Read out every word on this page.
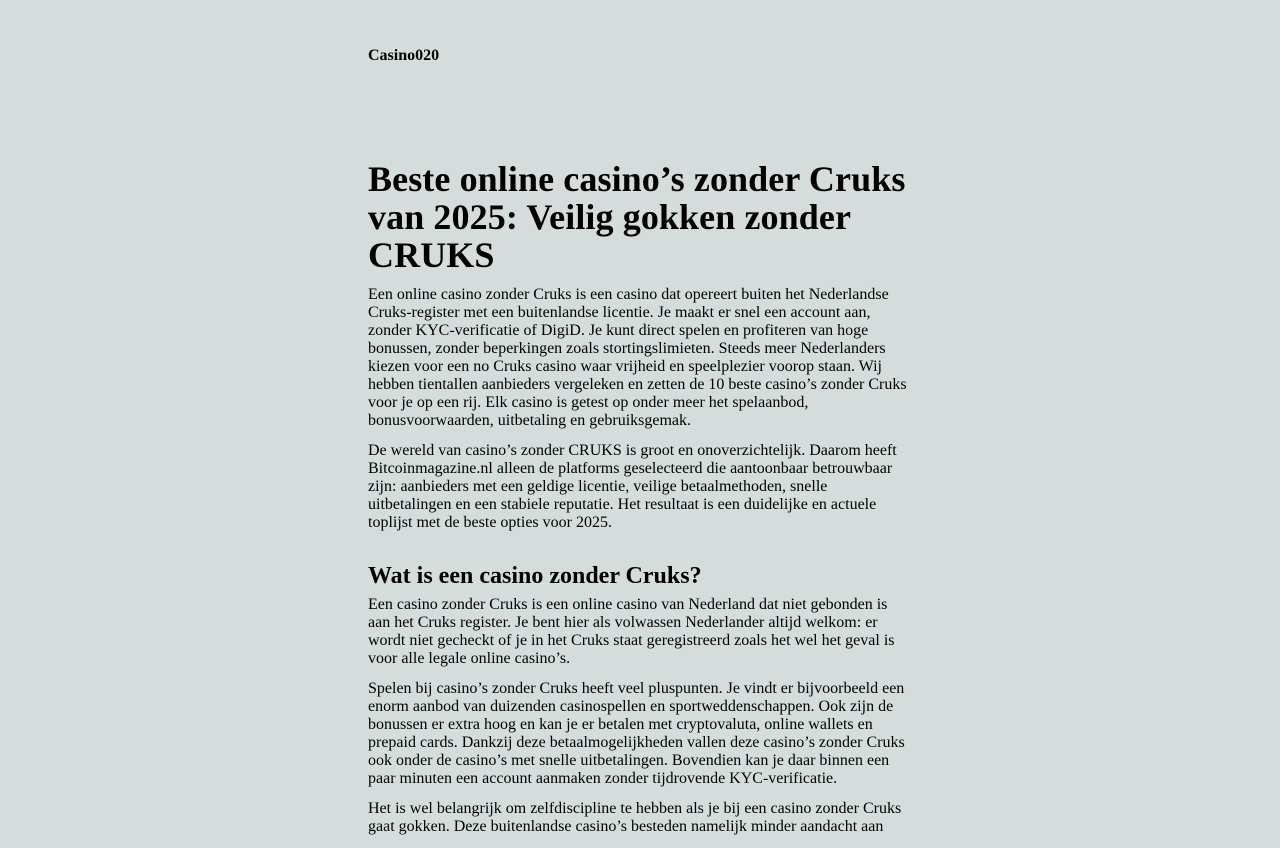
Casino020

Beste online casino’s zonder Cruks van 2025: Veilig gokken zonder CRUKS

Een online casino zonder Cruks is een casino dat opereert buiten het Nederlandse Cruks-register met een buitenlandse licentie. Je maakt er snel een account aan, zonder KYC-verificatie of DigiD. Je kunt direct spelen en profiteren van hoge bonussen, zonder beperkingen zoals stortingslimieten. Steeds meer Nederlanders kiezen voor een no Cruks casino waar vrijheid en speelplezier voorop staan. Wij hebben tientallen aanbieders vergeleken en zetten de 10 beste casino’s zonder Cruks voor je op een rij. Elk casino is getest op onder meer het spelaanbod, bonusvoorwaarden, uitbetaling en gebruiksgemak.

De wereld van casino’s zonder CRUKS is groot en onoverzichtelijk. Daarom heeft Bitcoinmagazine.nl alleen de platforms geselecteerd die aantoonbaar betrouwbaar zijn: aanbieders met een geldige licentie, veilige betaalmethoden, snelle uitbetalingen en een stabiele reputatie. Het resultaat is een duidelijke en actuele toplijst met de beste opties voor 2025.

Wat is een casino zonder Cruks?

Een casino zonder Cruks is een online casino van Nederland dat niet gebonden is aan het Cruks register. Je bent hier als volwassen Nederlander altijd welkom: er wordt niet gecheckt of je in het Cruks staat geregistreerd zoals het wel het geval is voor alle legale online casino’s.

Spelen bij casino’s zonder Cruks heeft veel pluspunten. Je vindt er bijvoorbeeld een enorm aanbod van duizenden casinospellen en sportweddenschappen. Ook zijn de bonussen er extra hoog en kan je er betalen met cryptovaluta, online wallets en prepaid cards. Dankzij deze betaalmogelijkheden vallen deze casino’s zonder Cruks ook onder de casino’s met snelle uitbetalingen. Bovendien kan je daar binnen een paar minuten een account aanmaken zonder tijdrovende KYC-verificatie.

Het is wel belangrijk om zelfdiscipline te hebben als je bij een casino zonder Cruks gaat gokken. Deze buitenlandse casino’s besteden namelijk minder aandacht aan
